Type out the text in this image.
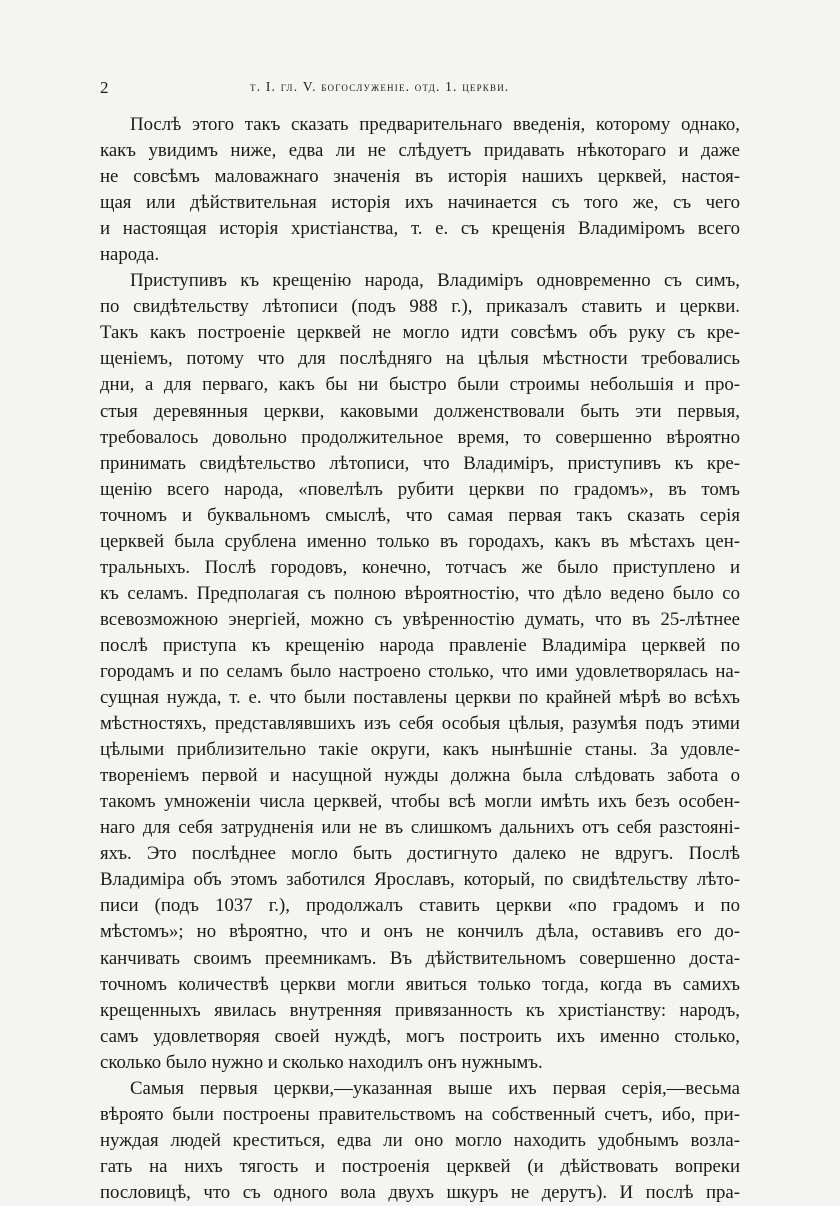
2	т. I. гл. V. богослуженіе. отд. 1. церкви.
Послѣ этого такъ сказать предварительнаго введенія, которому однако,
какъ увидимъ ниже, едва ли не слѣдуетъ придавать нѣкотораго и даже
не совсѣмъ маловажнаго значенія въ исторія нашихъ церквей, настоя-
щая или дѣйствительная исторія ихъ начинается съ того же, съ чего
и настоящая исторія христіанства, т. е. съ крещенія Владиміромъ всего
народа.
Приступивъ къ крещенію народа, Владиміръ одновременно съ симъ,
по свидѣтельству лѣтописи (подъ 988 г.), приказалъ ставить и церкви.
Такъ какъ построеніе церквей не могло идти совсѣмъ объ руку съ кре-
щеніемъ, потому что для послѣдняго на цѣлыя мѣстности требовались
дни, а для перваго, какъ бы ни быстро были строимы небольшія и про-
стыя деревянныя церкви, каковыми долженствовали быть эти первыя,
требовалось довольно продолжительное время, то совершенно вѣроятно
принимать свидѣтельство лѣтописи, что Владиміръ, приступивъ къ кре-
щенію всего народа, «повелѣлъ рубити церкви по градомъ», въ томъ
точномъ и буквальномъ смыслѣ, что самая первая такъ сказать серія
церквей была срублена именно только въ городахъ, какъ въ мѣстахъ цен-
тральныхъ. Послѣ городовъ, конечно, тотчасъ же было приступлено и
къ селамъ. Предполагая съ полною вѣроятностію, что дѣло ведено было со
всевозможною энергіей, можно съ увѣренностію думать, что въ 25-лѣтнее
послѣ приступа къ крещенію народа правленіе Владиміра церквей по
городамъ и по селамъ было настроено столько, что ими удовлетворялась на-
сущная нужда, т. е. что были поставлены церкви по крайней мѣрѣ во всѣхъ
мѣстностяхъ, представлявшихъ изъ себя особыя цѣлыя, разумѣя подъ этими
цѣлыми приблизительно такіе округи, какъ нынѣшніе станы. За удовле-
твореніемъ первой и насущной нужды должна была слѣдовать забота о
такомъ умноженіи числа церквей, чтобы всѣ могли имѣть ихъ безъ особен-
наго для себя затрудненія или не въ слишкомъ дальнихъ отъ себя разстояні-
яхъ. Это послѣднее могло быть достигнуто далеко не вдругъ. Послѣ
Владиміра объ этомъ заботился Ярославъ, который, по свидѣтельству лѣто-
писи (подъ 1037 г.), продолжалъ ставить церкви «по градомъ и по
мѣстомъ»; но вѣроятно, что и онъ не кончилъ дѣла, оставивъ его до-
канчивать своимъ преемникамъ. Въ дѣйствительномъ совершенно доста-
точномъ количествѣ церкви могли явиться только тогда, когда въ самихъ
крещенныхъ явилась внутренняя привязанность къ христіанству: народъ,
самъ удовлетворяя своей нуждѣ, могъ построить ихъ именно столько,
сколько было нужно и сколько находилъ онъ нужнымъ.
Самыя первыя церкви,—указанная выше ихъ первая серія,—весьма
вѣроято были построены правительствомъ на собственный счетъ, ибо, при-
нуждая людей креститься, едва ли оно могло находить удобнымъ возла-
гать на нихъ тягость и построенія церквей (и дѣйствовать вопреки
пословицѣ, что съ одного вола двухъ шкуръ не дерутъ). И послѣ пра-
